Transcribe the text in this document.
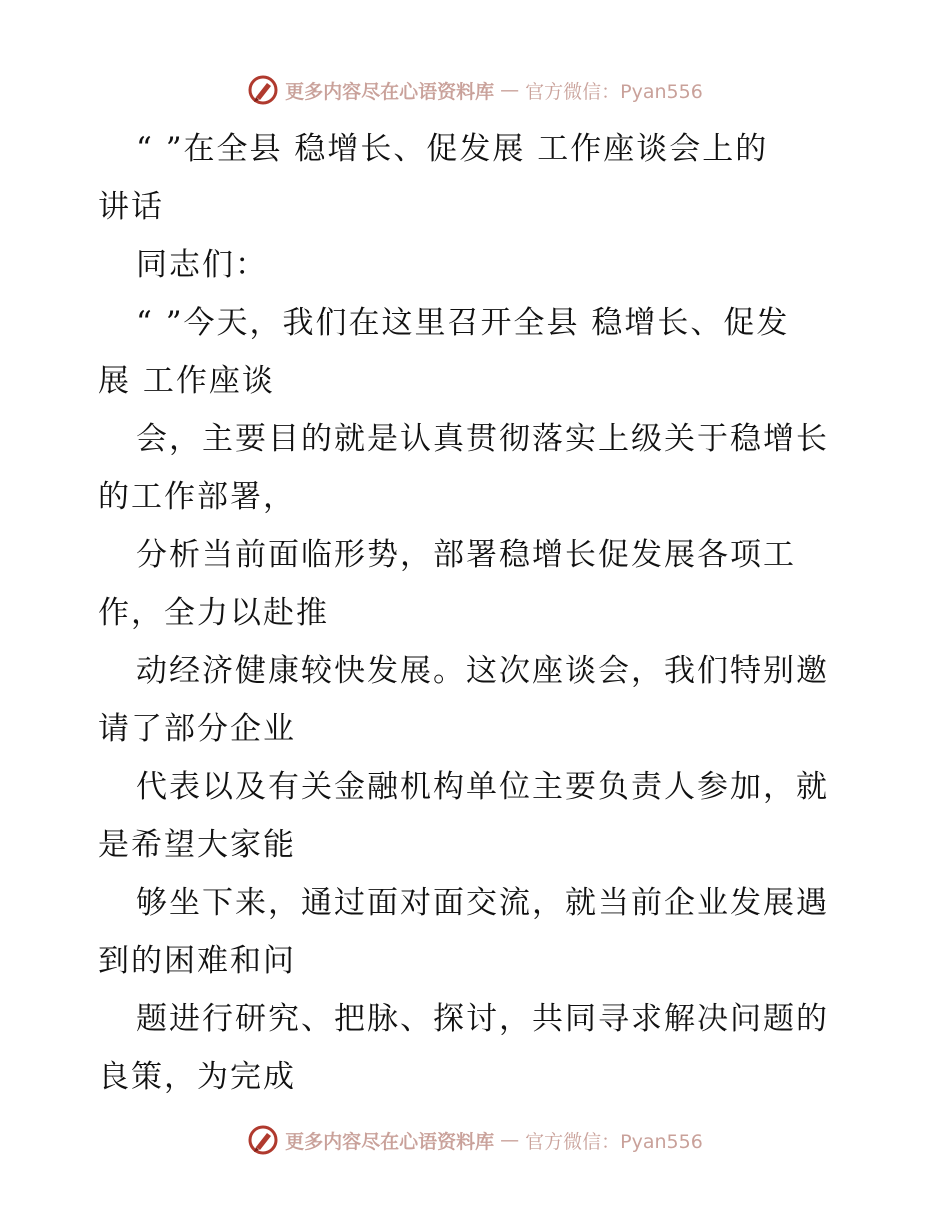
更多内容尽在心语资料库 — 官方微信：Pyan556
“ ”在全县 稳增长、促发展 工作座谈会上的
讲话
同志们：
“ ”今天，我们在这里召开全县 稳增长、促发
展 工作座谈
会，主要目的就是认真贯彻落实上级关于稳增长
的工作部署，
分析当前面临形势，部署稳增长促发展各项工
作，全力以赴推
动经济健康较快发展。这次座谈会，我们特别邀
请了部分企业
代表以及有关金融机构单位主要负责人参加，就
是希望大家能
够坐下来，通过面对面交流，就当前企业发展遇
到的困难和问
题进行研究、把脉、探讨，共同寻求解决问题的
良策，为完成
更多内容尽在心语资料库 — 官方微信：Pyan556
